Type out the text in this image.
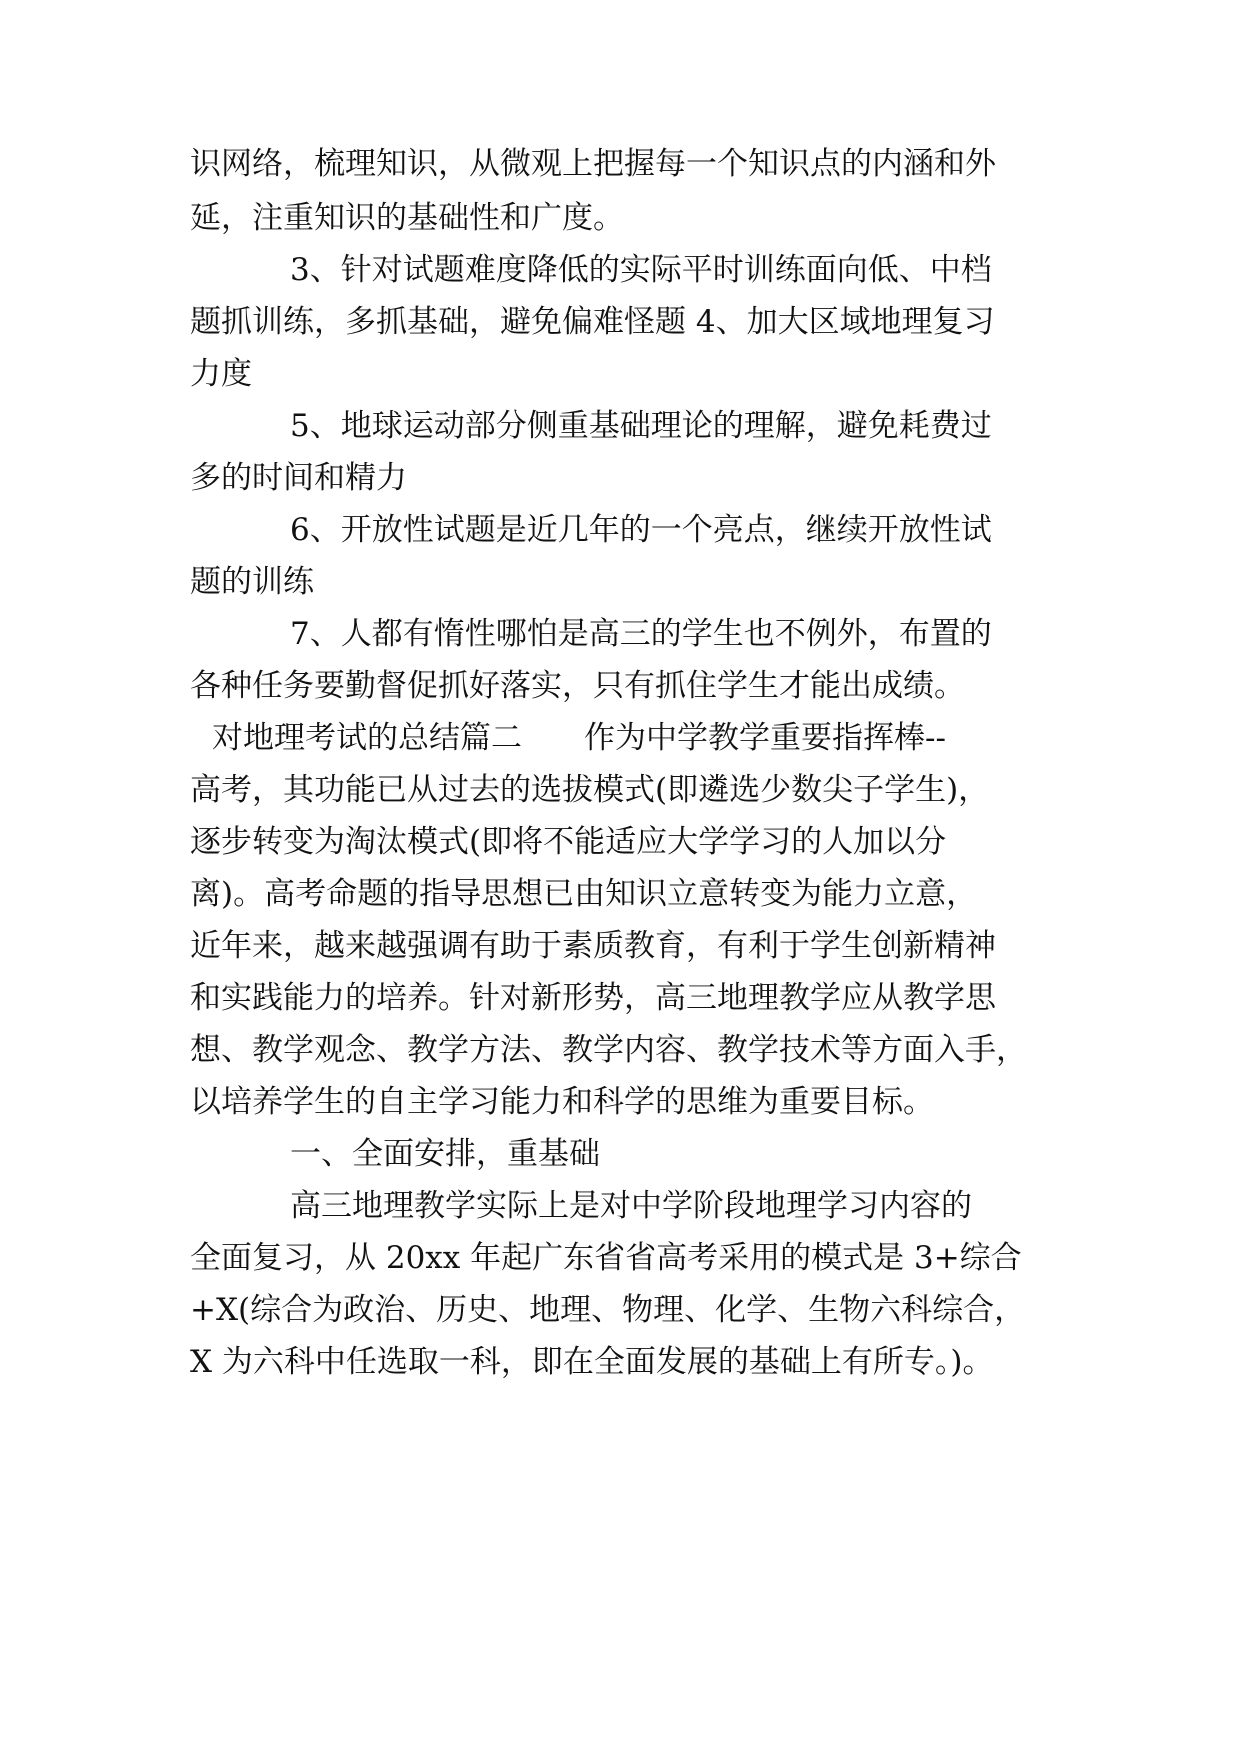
识网络，梳理知识，从微观上把握每一个知识点的内涵和外
延，注重知识的基础性和广度。
3、针对试题难度降低的实际平时训练面向低、中档
题抓训练，多抓基础，避免偏难怪题 4、加大区域地理复习
力度
5、地球运动部分侧重基础理论的理解，避免耗费过
多的时间和精力
6、开放性试题是近几年的一个亮点，继续开放性试
题的训练
7、人都有惰性哪怕是高三的学生也不例外，布置的
各种任务要勤督促抓好落实，只有抓住学生才能出成绩。
对地理考试的总结篇二　　作为中学教学重要指挥棒--
高考，其功能已从过去的选拔模式(即遴选少数尖子学生)，
逐步转变为淘汰模式(即将不能适应大学学习的人加以分
离)。高考命题的指导思想已由知识立意转变为能力立意，
近年来，越来越强调有助于素质教育，有利于学生创新精神
和实践能力的培养。针对新形势，高三地理教学应从教学思
想、教学观念、教学方法、教学内容、教学技术等方面入手，
以培养学生的自主学习能力和科学的思维为重要目标。
一、全面安排，重基础
高三地理教学实际上是对中学阶段地理学习内容的
全面复习，从 20xx 年起广东省省高考采用的模式是 3+综合
+X(综合为政治、历史、地理、物理、化学、生物六科综合，
X 为六科中任选取一科，即在全面发展的基础上有所专。)。
